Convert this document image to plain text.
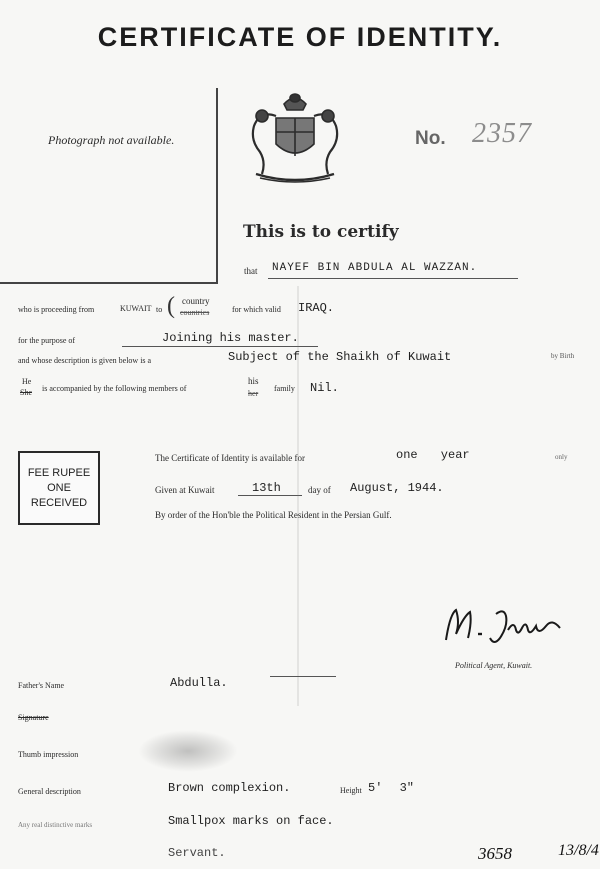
CERTIFICATE OF IDENTITY.
Photograph not available.	No. 2357
This is to certify
that NAYEF BIN ABDULA AL WAZZAN.
who is proceeding from	KUWAIT to ( country
countries	for which valid IRAQ.
for the purpose of	Joining his master.
and whose description is given below is a	Subject of the Shaikh of Kuwait	by Birth
He
She is accompanied by the following members of
his
her
family Nil.
FEE RUPEE
ONE
RECEIVED
The Certificate of Identity is available for	one year	only
Given at Kuwait	13th	day of August, 1944.
By order of the Hon'ble the Political Resident in the Persian Gulf.
Political Agent, Kuwait.
Father's Name	Abdulla.
Signature
Thumb impression
General description	Brown complexion.	Height 5' 3"
Any real distinctive marks	Smallpox marks on face.
Servant.	3658	13/8/4
